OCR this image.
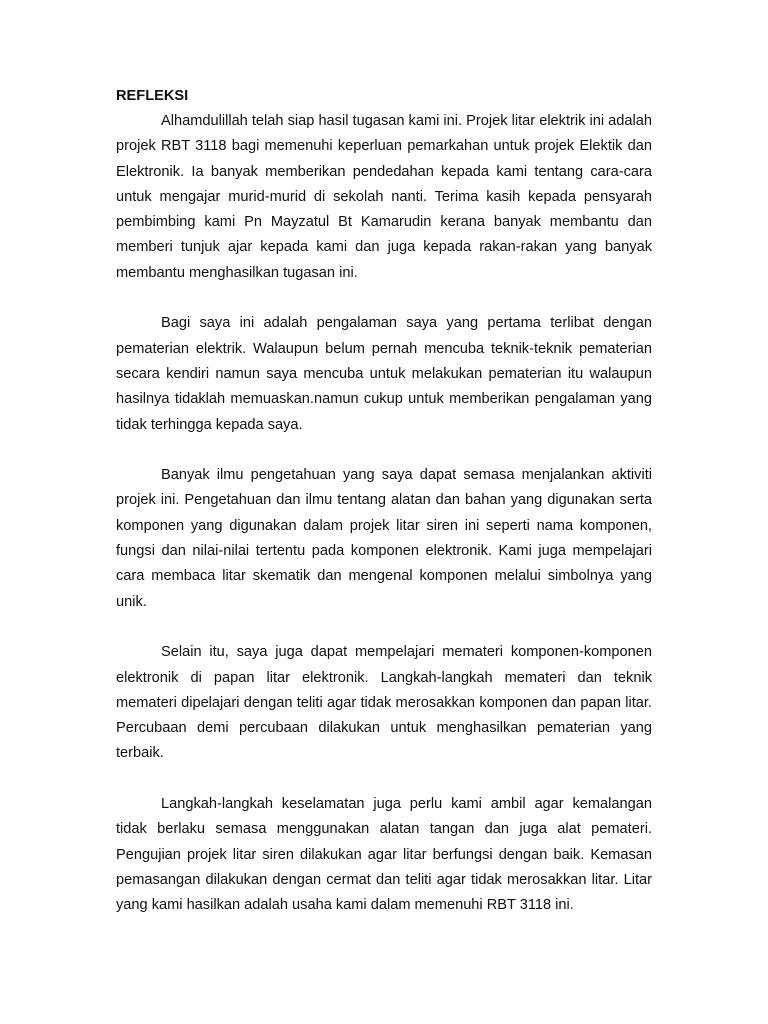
REFLEKSI

Alhamdulillah telah siap hasil tugasan kami ini. Projek litar elektrik ini adalah projek RBT 3118 bagi memenuhi keperluan pemarkahan untuk projek Elektik dan Elektronik. Ia banyak memberikan pendedahan kepada kami tentang cara-cara untuk mengajar murid-murid di sekolah nanti. Terima kasih kepada pensyarah pembimbing kami Pn Mayzatul Bt Kamarudin kerana banyak membantu dan memberi tunjuk ajar kepada kami dan juga kepada rakan-rakan yang banyak membantu menghasilkan tugasan ini.

Bagi saya ini adalah pengalaman saya yang pertama terlibat dengan pematerian elektrik. Walaupun belum pernah mencuba teknik-teknik pematerian secara kendiri namun saya mencuba untuk melakukan pematerian itu walaupun hasilnya tidaklah memuaskan.namun cukup untuk memberikan pengalaman yang tidak terhingga kepada saya.

Banyak ilmu pengetahuan yang saya dapat semasa menjalankan aktiviti projek ini. Pengetahuan dan ilmu tentang alatan dan bahan yang digunakan serta komponen yang digunakan dalam projek litar siren ini seperti nama komponen, fungsi dan nilai-nilai tertentu pada komponen elektronik. Kami juga mempelajari cara membaca litar skematik dan mengenal komponen melalui simbolnya yang unik.

Selain itu, saya juga dapat mempelajari memateri komponen-komponen elektronik di papan litar elektronik. Langkah-langkah memateri dan teknik memateri dipelajari dengan teliti agar tidak merosakkan komponen dan papan litar. Percubaan demi percubaan dilakukan untuk menghasilkan pematerian yang terbaik.

Langkah-langkah keselamatan juga perlu kami ambil agar kemalangan tidak berlaku semasa menggunakan alatan tangan dan juga alat pemateri. Pengujian projek litar siren dilakukan agar litar berfungsi dengan baik. Kemasan pemasangan dilakukan dengan cermat dan teliti agar tidak merosakkan litar. Litar yang kami hasilkan adalah usaha kami dalam memenuhi RBT 3118 ini.
